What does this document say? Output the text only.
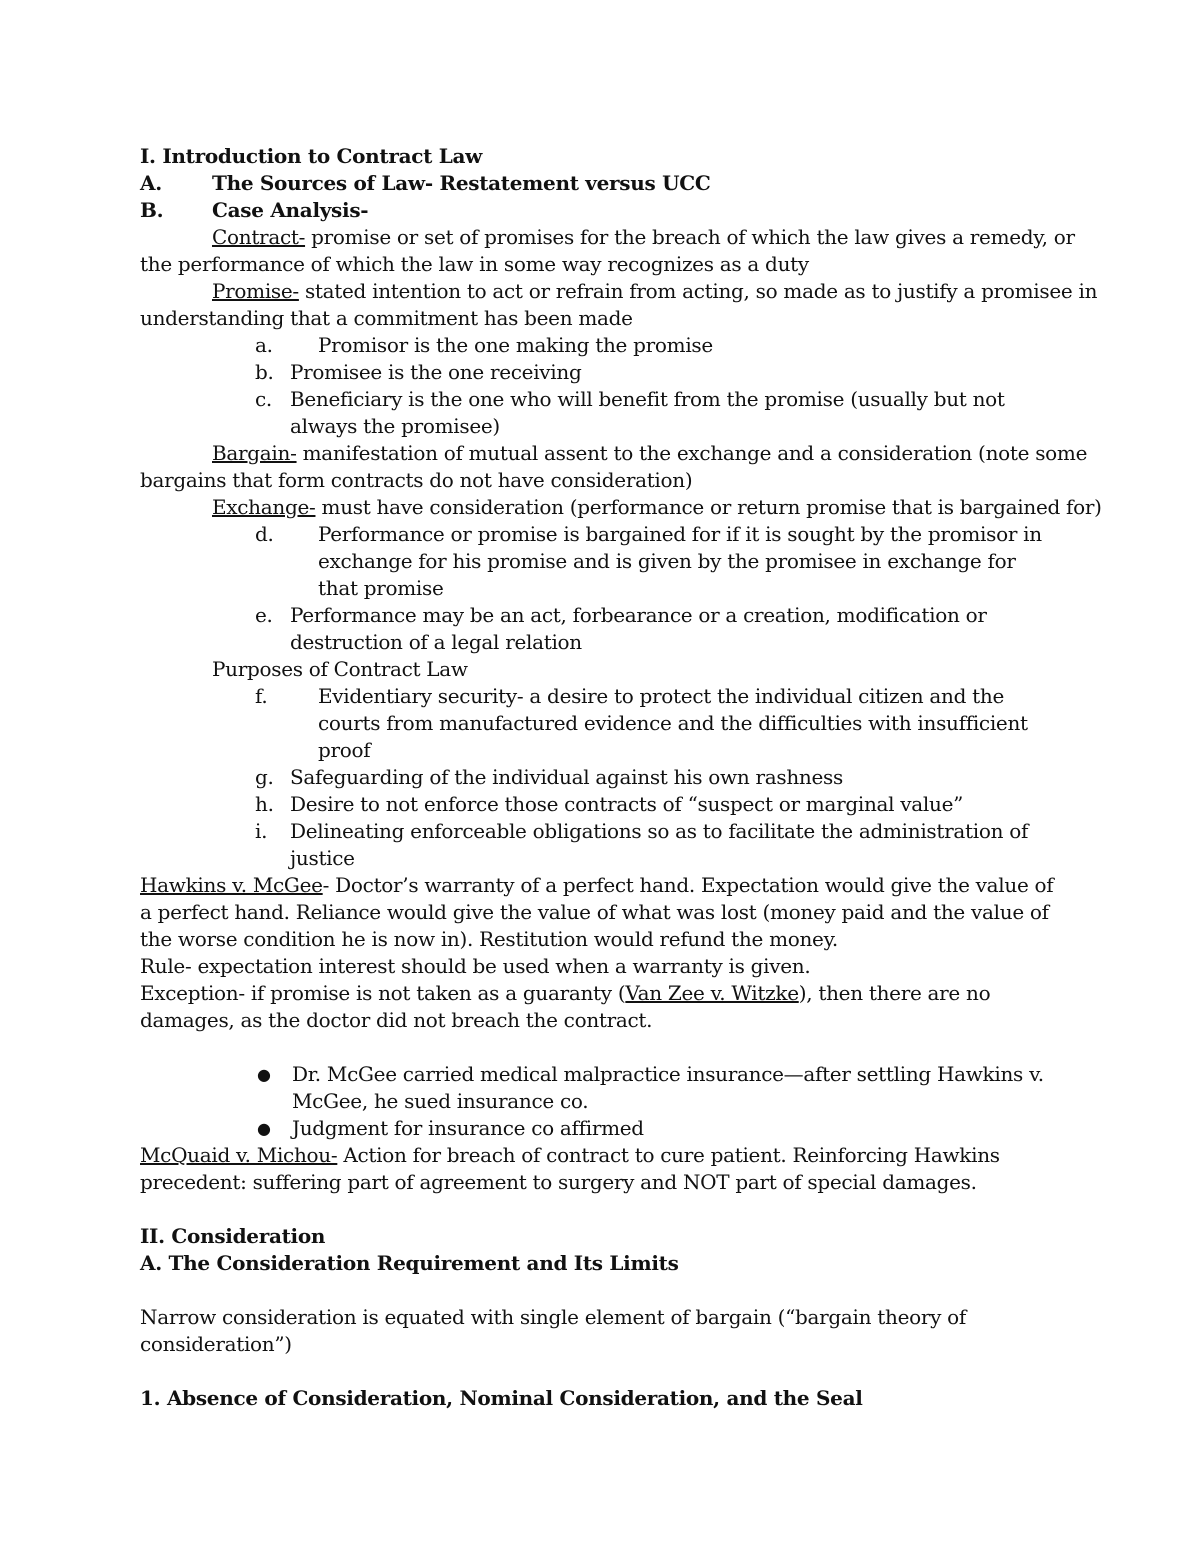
I. Introduction to Contract Law
A.	The Sources of Law- Restatement versus UCC
B.	Case Analysis-
Contract- promise or set of promises for the breach of which the law gives a remedy, or
the performance of which the law in some way recognizes as a duty
Promise- stated intention to act or refrain from acting, so made as to justify a promisee in
understanding that a commitment has been made
a.	Promisor is the one making the promise
b. Promisee is the one receiving
c. Beneficiary is the one who will benefit from the promise (usually but not always the promisee)
Bargain- manifestation of mutual assent to the exchange and a consideration (note some
bargains that form contracts do not have consideration)
Exchange- must have consideration (performance or return promise that is bargained for)
d.	Performance or promise is bargained for if it is sought by the promisor in exchange for his promise and is given by the promisee in exchange for that promise
e. Performance may be an act, forbearance or a creation, modification or destruction of a legal relation
Purposes of Contract Law
f.	Evidentiary security- a desire to protect the individual citizen and the courts from manufactured evidence and the difficulties with insufficient proof
g. Safeguarding of the individual against his own rashness
h. Desire to not enforce those contracts of “suspect or marginal value”
i.	Delineating enforceable obligations so as to facilitate the administration of justice
Hawkins v. McGee- Doctor’s warranty of a perfect hand. Expectation would give the value of a perfect hand. Reliance would give the value of what was lost (money paid and the value of the worse condition he is now in). Restitution would refund the money.
Rule- expectation interest should be used when a warranty is given.
Exception- if promise is not taken as a guaranty (Van Zee v. Witzke), then there are no damages, as the doctor did not breach the contract.
●	Dr. McGee carried medical malpractice insurance—after settling Hawkins v. McGee, he sued insurance co.
●	Judgment for insurance co affirmed
McQuaid v. Michou- Action for breach of contract to cure patient. Reinforcing Hawkins precedent: suffering part of agreement to surgery and NOT part of special damages.
II. Consideration
A. The Consideration Requirement and Its Limits
Narrow consideration is equated with single element of bargain (“bargain theory of consideration”)
1. Absence of Consideration, Nominal Consideration, and the Seal
